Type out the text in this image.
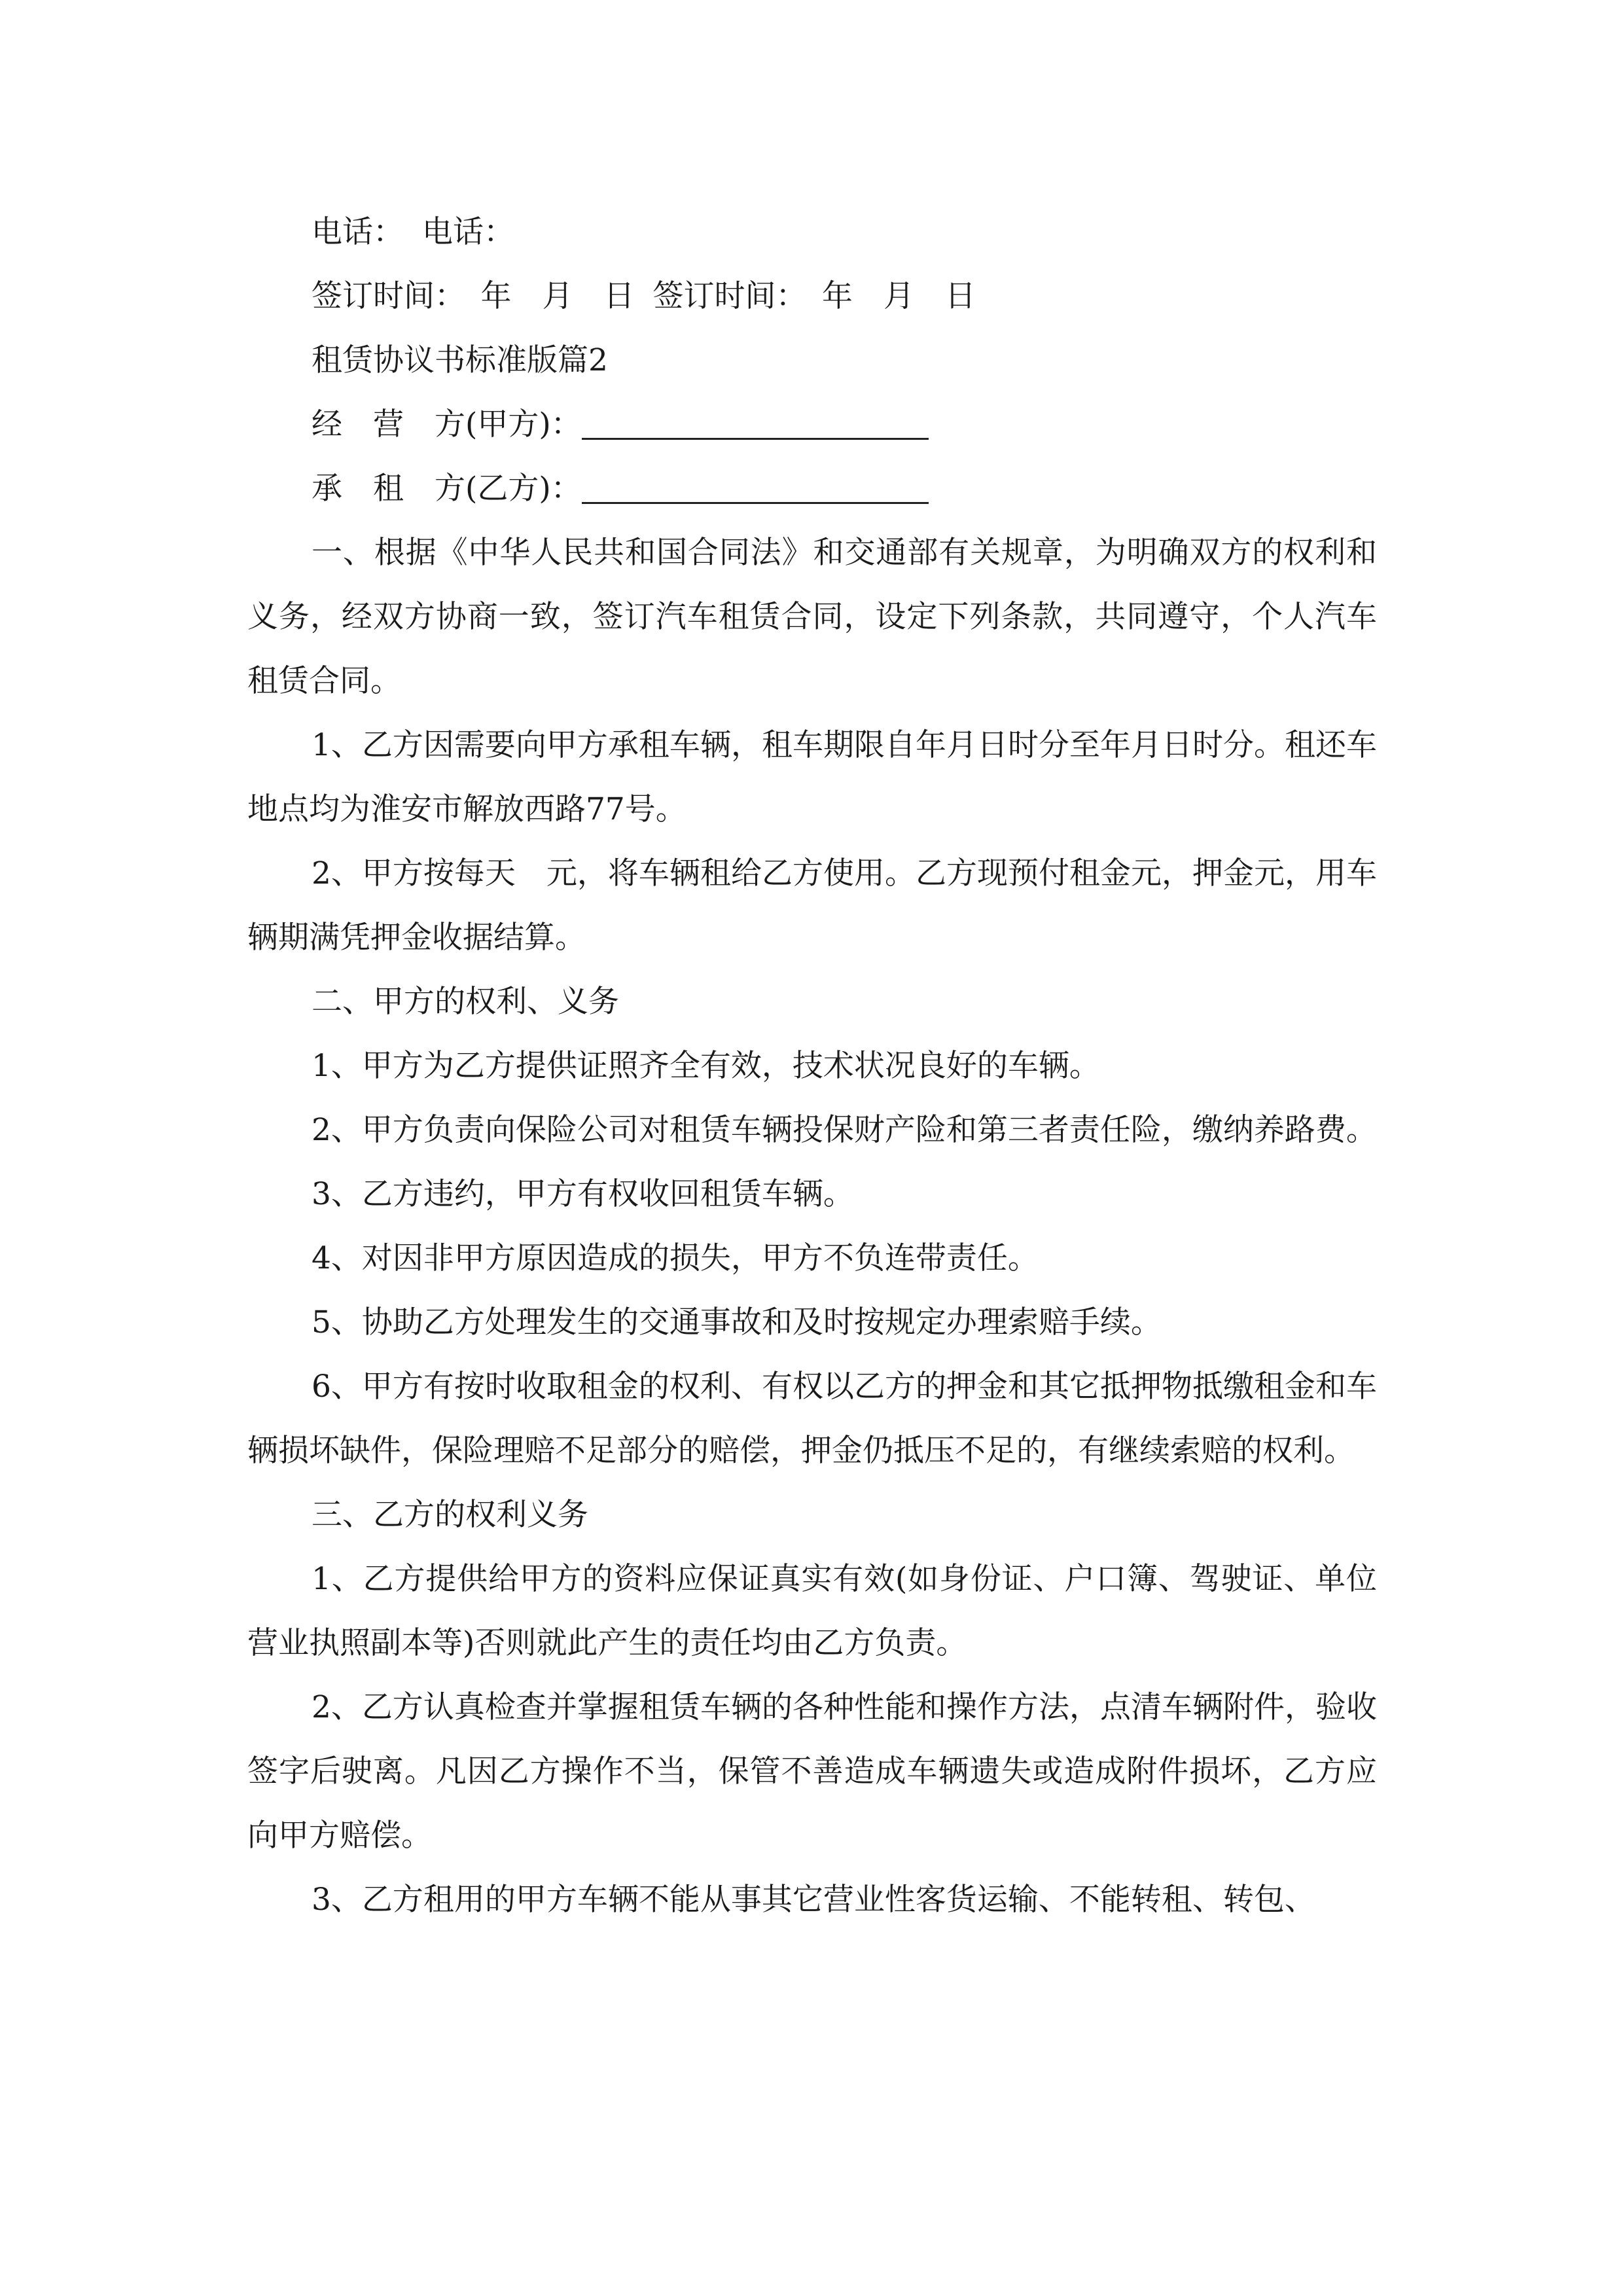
电话： 电话：
签订时间：　年　月　日 签订时间：　年　月　日
租赁协议书标准版篇2
经　营　方(甲方)：
承　租　方(乙方)：

一、根据《中华人民共和国合同法》和交通部有关规章，为明确双方的权利和义务，经双方协商一致，签订汽车租赁合同，设定下列条款，共同遵守，个人汽车租赁合同。

1、乙方因需要向甲方承租车辆，租车期限自年月日时分至年月日时分。租还车地点均为淮安市解放西路77号。

2、甲方按每天　元，将车辆租给乙方使用。乙方现预付租金元，押金元，用车辆期满凭押金收据结算。

二、甲方的权利、义务

1、甲方为乙方提供证照齐全有效，技术状况良好的车辆。

2、甲方负责向保险公司对租赁车辆投保财产险和第三者责任险，缴纳养路费。

3、乙方违约，甲方有权收回租赁车辆。

4、对因非甲方原因造成的损失，甲方不负连带责任。

5、协助乙方处理发生的交通事故和及时按规定办理索赔手续。

6、甲方有按时收取租金的权利、有权以乙方的押金和其它抵押物抵缴租金和车辆损坏缺件，保险理赔不足部分的赔偿，押金仍抵压不足的，有继续索赔的权利。

三、乙方的权利义务

1、乙方提供给甲方的资料应保证真实有效(如身份证、户口簿、驾驶证、单位营业执照副本等)否则就此产生的责任均由乙方负责。

2、乙方认真检查并掌握租赁车辆的各种性能和操作方法，点清车辆附件，验收签字后驶离。凡因乙方操作不当，保管不善造成车辆遗失或造成附件损坏，乙方应向甲方赔偿。

3、乙方租用的甲方车辆不能从事其它营业性客货运输、不能转租、转包、
